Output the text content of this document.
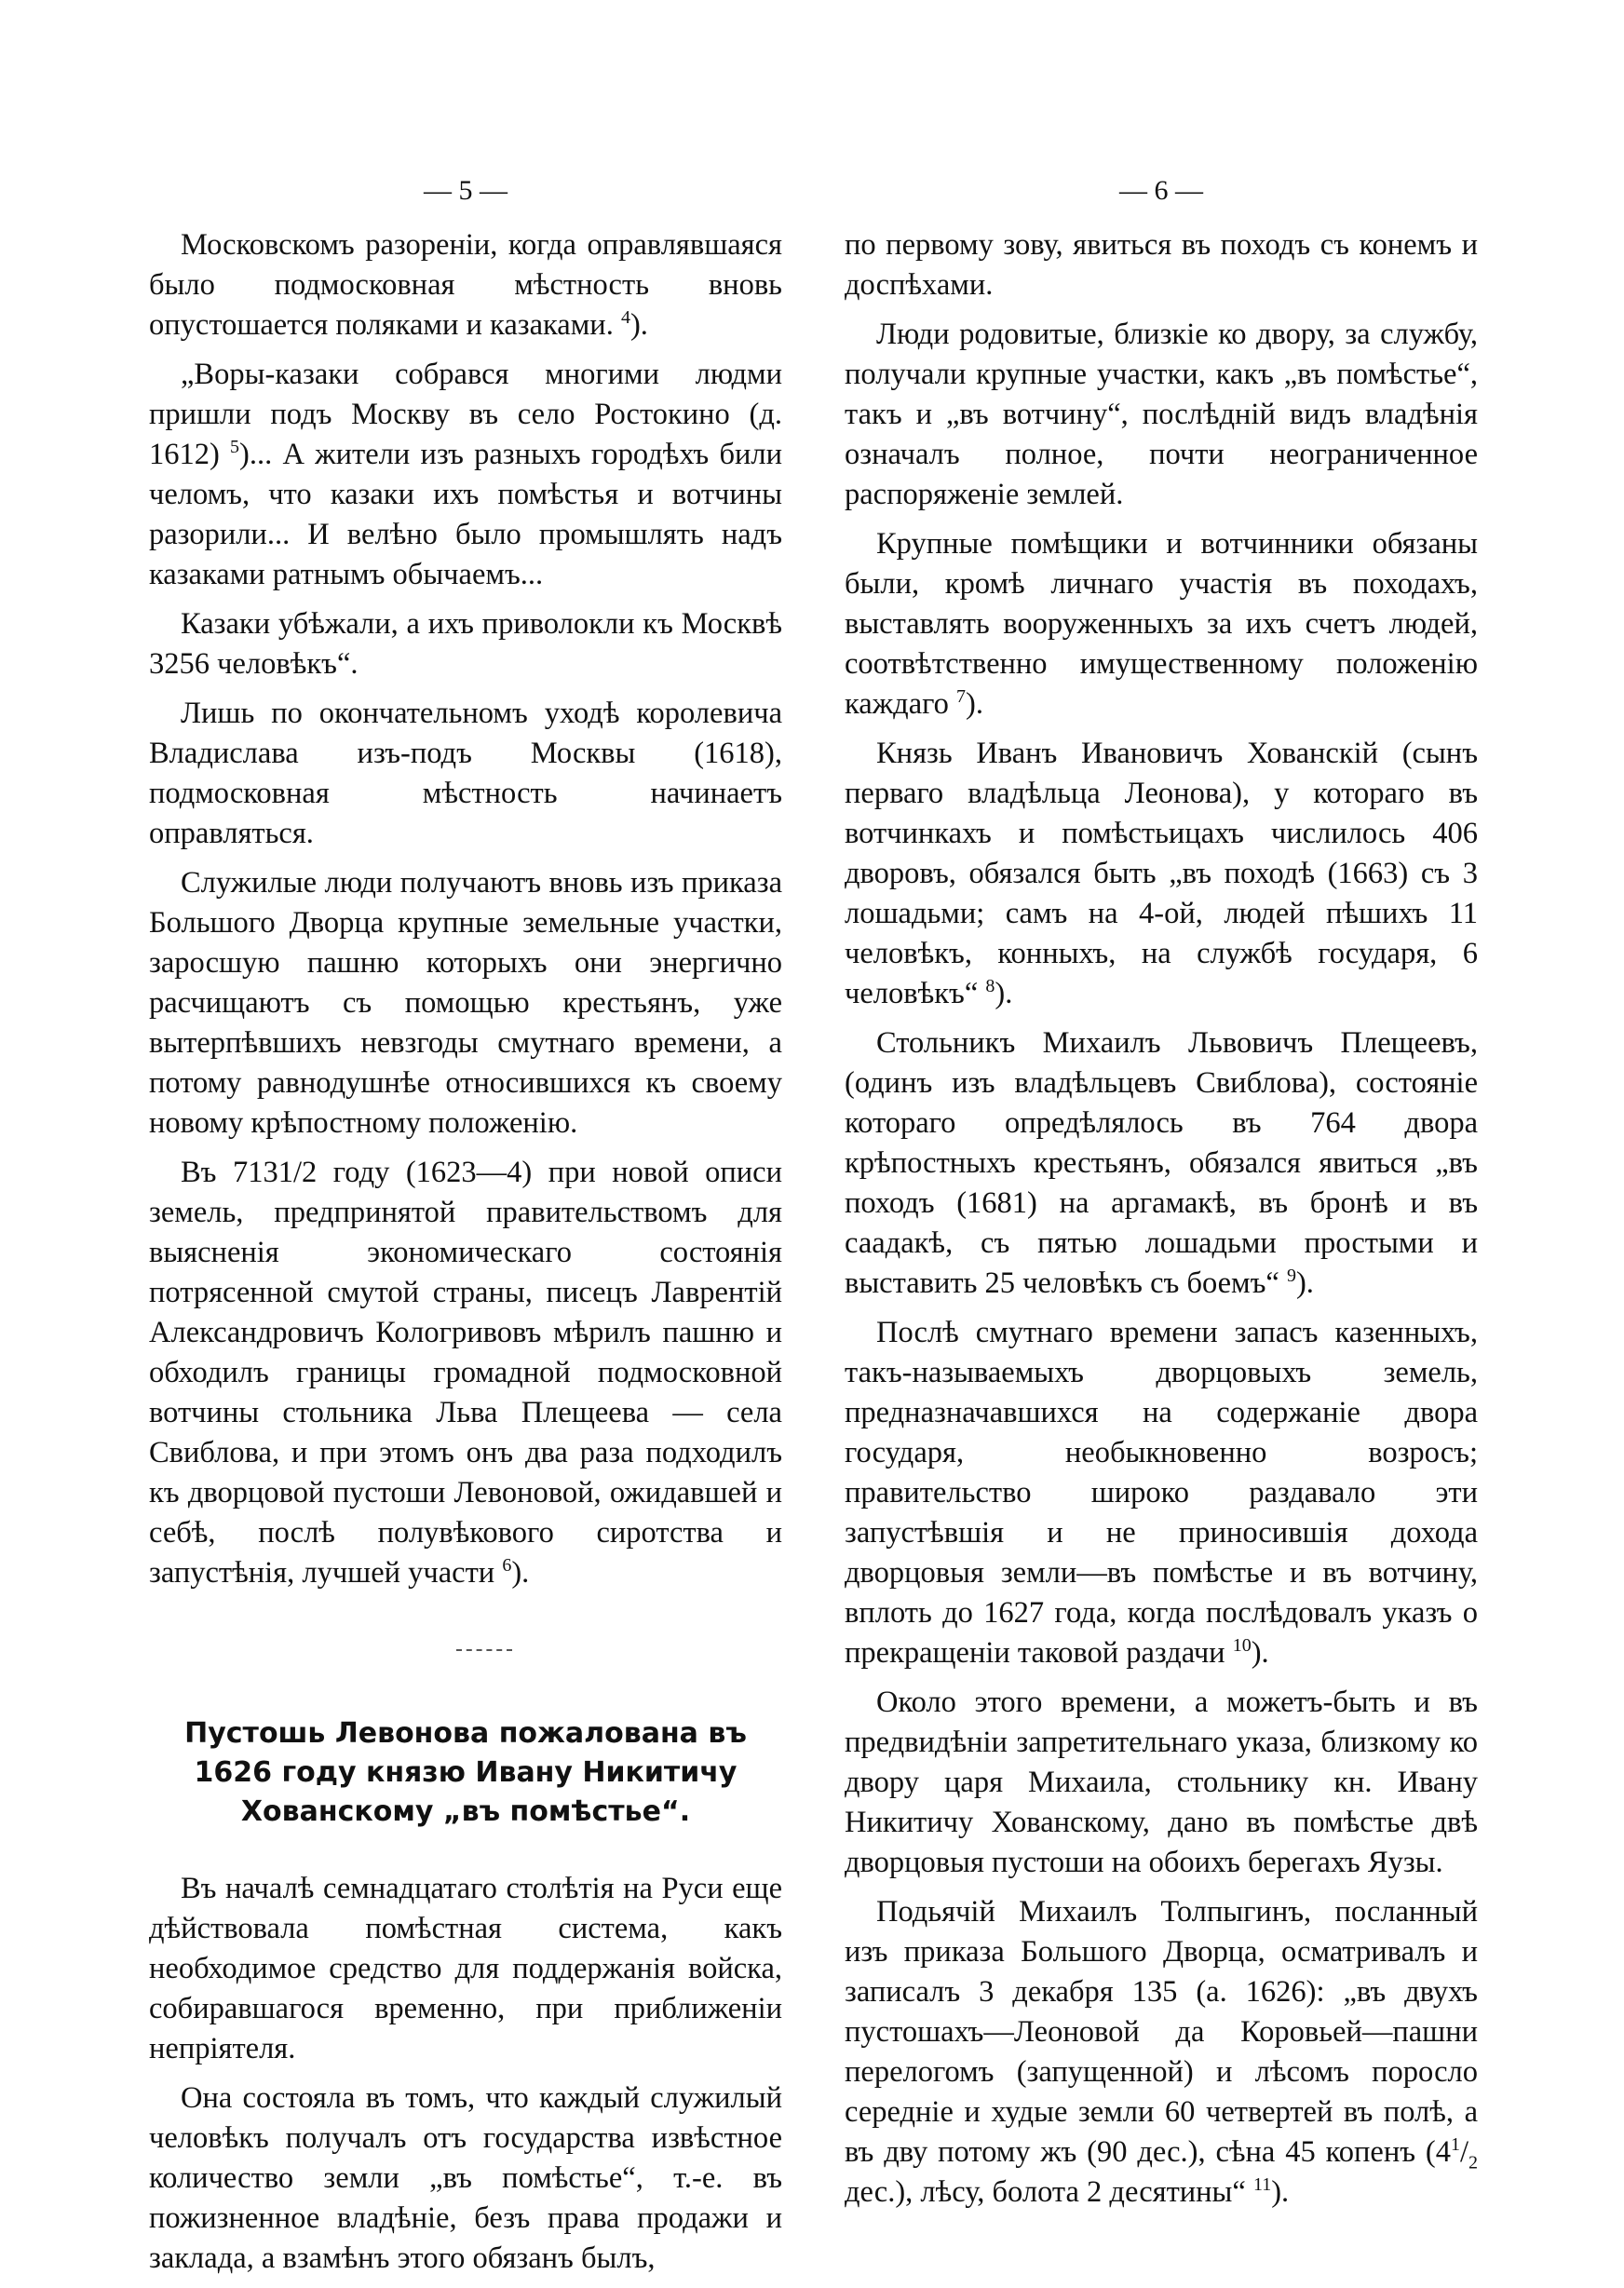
— 5 —

Московскомъ разореніи, когда оправлявшаяся было подмосковная мѣстность вновь опустошается поляками и казаками. $^4$).

„Воры-казаки собрався многими людми пришли подъ Москву въ село Ростокино (д. 1612) $^5$)... А жители изъ разныхъ городѣхъ били челомъ, что казаки ихъ помѣстья и вотчины разорили... И велѣно было промышлять надъ казаками ратнымъ обычаемъ...

Казаки убѣжали, а ихъ приволокли къ Москвѣ 3256 человѣкъ“.

Лишь по окончательномъ уходѣ королевича Владислава изъ-подъ Москвы (1618), подмосковная мѣстность начинаетъ оправляться.

Служилые люди получаютъ вновь изъ приказа Большого Дворца крупные земельные участки, заросшую пашню которыхъ они энергично расчищаютъ съ помощью крестьянъ, уже вытерпѣвшихъ невзгоды смутнаго времени, а потому равнодушнѣе относившихся къ своему новому крѣпостному положенію.

Въ 7131/2 году (1623—4) при новой описи земель, предпринятой правительствомъ для выясненія экономическаго состоянія потрясенной смутой страны, писецъ Лаврентій Александровичъ Кологривовъ мѣрилъ пашню и обходилъ границы громадной подмосковной вотчины стольника Льва Плещеева — села Свиблова, и при этомъ онъ два раза подходилъ къ дворцовой пустоши Левоновой, ожидавшей и себѣ, послѣ полувѣкового сиротства и запустѣнія, лучшей участи $^6$).

Пустошь Левонова пожалована въ 1626 году князю Ивану Никитичу Хованскому „въ помѣстье“.

Въ началѣ семнадцатаго столѣтія на Руси еще дѣйствовала помѣстная система, какъ необходимое средство для поддержанія войска, собиравшагося временно, при приближеніи непріятеля.

Она состояла въ томъ, что каждый служилый человѣкъ получалъ отъ государства извѣстное количество земли „въ помѣстье“, т.-е. въ пожизненное владѣніе, безъ права продажи и заклада, а взамѣнъ этого обязанъ былъ,

— 6 —

по первому зову, явиться въ походъ съ конемъ и доспѣхами.

Люди родовитые, близкіе ко двору, за службу, получали крупные участки, какъ „въ помѣстье“, такъ и „въ вотчину“, послѣдній видъ владѣнія означалъ полное, почти неограниченное распоряженіе землей.

Крупные помѣщики и вотчинники обязаны были, кромѣ личнаго участія въ походахъ, выставлять вооруженныхъ за ихъ счетъ людей, соотвѣтственно имущественному положенію каждаго $^7$).

Князь Иванъ Ивановичъ Хованскій (сынъ перваго владѣльца Леонова), у котораго въ вотчинкахъ и помѣстьицахъ числилось 406 дворовъ, обязался быть „въ походѣ (1663) съ 3 лошадьми; самъ на 4-ой, людей пѣшихъ 11 человѣкъ, конныхъ, на службѣ государя, 6 человѣкъ“ $^8$).

Стольникъ Михаилъ Львовичъ Плещеевъ, (одинъ изъ владѣльцевъ Свиблова), состояніе котораго опредѣлялось въ 764 двора крѣпостныхъ крестьянъ, обязался явиться „въ походъ (1681) на аргамакѣ, въ бронѣ и въ саадакѣ, съ пятью лошадьми простыми и выставить 25 человѣкъ съ боемъ“ $^9$).

Послѣ смутнаго времени запасъ казенныхъ, такъ-называемыхъ дворцовыхъ земель, предназначавшихся на содержаніе двора государя, необыкновенно возросъ; правительство широко раздавало эти запустѣвшія и не приносившія дохода дворцовыя земли—въ помѣстье и въ вотчину, вплоть до 1627 года, когда послѣдовалъ указъ о прекращеніи таковой раздачи $^{10}$).

Около этого времени, а можетъ-быть и въ предвидѣніи запретительнаго указа, близкому ко двору царя Михаила, стольнику кн. Ивану Никитичу Хованскому, дано въ помѣстье двѣ дворцовыя пустоши на обоихъ берегахъ Яузы.

Подьячій Михаилъ Толпыгинъ, посланный изъ приказа Большого Дворца, осматривалъ и записалъ 3 декабря 135 (а. 1626): „въ двухъ пустошахъ—Леоновой да Коровьей—пашни перелогомъ (запущенной) и лѣсомъ поросло середніе и худые земли 60 четвертей въ полѣ, а въ дву потому жъ (90 дес.), сѣна 45 копенъ ($4^1/_2$ дес.), лѣсу, болота 2 десятины“ $^{11}$).
